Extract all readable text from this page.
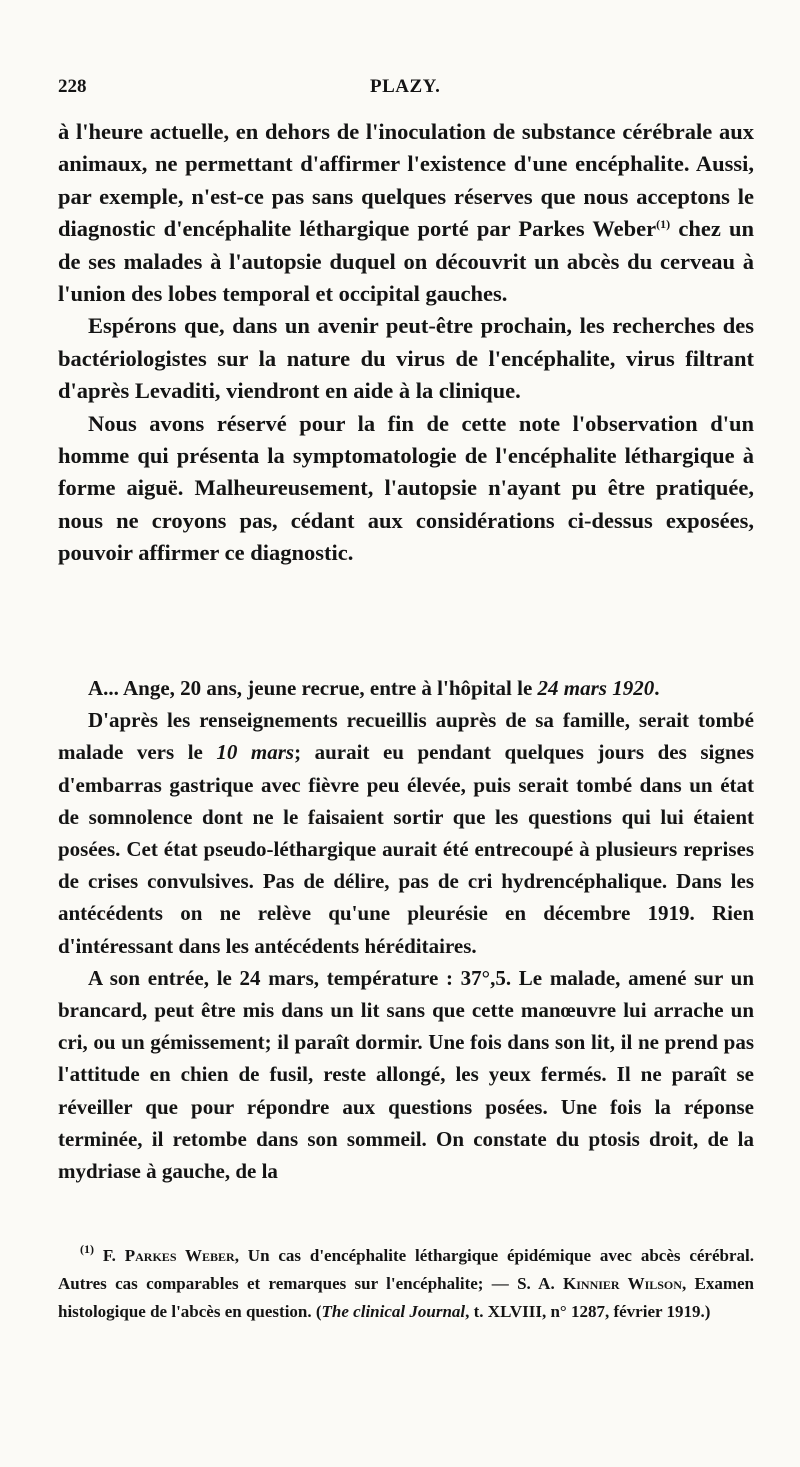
228	PLAZY.

à l'heure actuelle, en dehors de l'inoculation de substance cérébrale aux animaux, ne permettant d'affirmer l'existence d'une encéphalite. Aussi, par exemple, n'est-ce pas sans quelques réserves que nous acceptons le diagnostic d'encéphalite léthargique porté par Parkes Weber$^{(1)}$ chez un de ses malades à l'autopsie duquel on découvrit un abcès du cerveau à l'union des lobes temporal et occipital gauches.

Espérons que, dans un avenir peut-être prochain, les recherches des bactériologistes sur la nature du virus de l'encéphalite, virus filtrant d'après Levaditi, viendront en aide à la clinique.

Nous avons réservé pour la fin de cette note l'observation d'un homme qui présenta la symptomatologie de l'encéphalite léthargique à forme aiguë. Malheureusement, l'autopsie n'ayant pu être pratiquée, nous ne croyons pas, cédant aux considérations ci-dessus exposées, pouvoir affirmer ce diagnostic.

A... Ange, 20 ans, jeune recrue, entre à l'hôpital le 24 mars 1920.

D'après les renseignements recueillis auprès de sa famille, serait tombé malade vers le 10 mars; aurait eu pendant quelques jours des signes d'embarras gastrique avec fièvre peu élevée, puis serait tombé dans un état de somnolence dont ne le faisaient sortir que les questions qui lui étaient posées. Cet état pseudo-léthargique aurait été entrecoupé à plusieurs reprises de crises convulsives. Pas de délire, pas de cri hydrencéphalique. Dans les antécédents on ne relève qu'une pleurésie en décembre 1919. Rien d'intéressant dans les antécédents héréditaires.

A son entrée, le 24 mars, température : 37°,5. Le malade, amené sur un brancard, peut être mis dans un lit sans que cette manœuvre lui arrache un cri, ou un gémissement; il paraît dormir. Une fois dans son lit, il ne prend pas l'attitude en chien de fusil, reste allongé, les yeux fermés. Il ne paraît se réveiller que pour répondre aux questions posées. Une fois la réponse terminée, il retombe dans son sommeil. On constate du ptosis droit, de la mydriase à gauche, de la

$^{(1)}$ F. Parkes Weber, Un cas d'encéphalite léthargique épidémique avec abcès cérébral. Autres cas comparables et remarques sur l'encéphalite; — S. A. Kinnier Wilson, Examen histologique de l'abcès en question. (The clinical Journal, t. XLVIII, n° 1287, février 1919.)
